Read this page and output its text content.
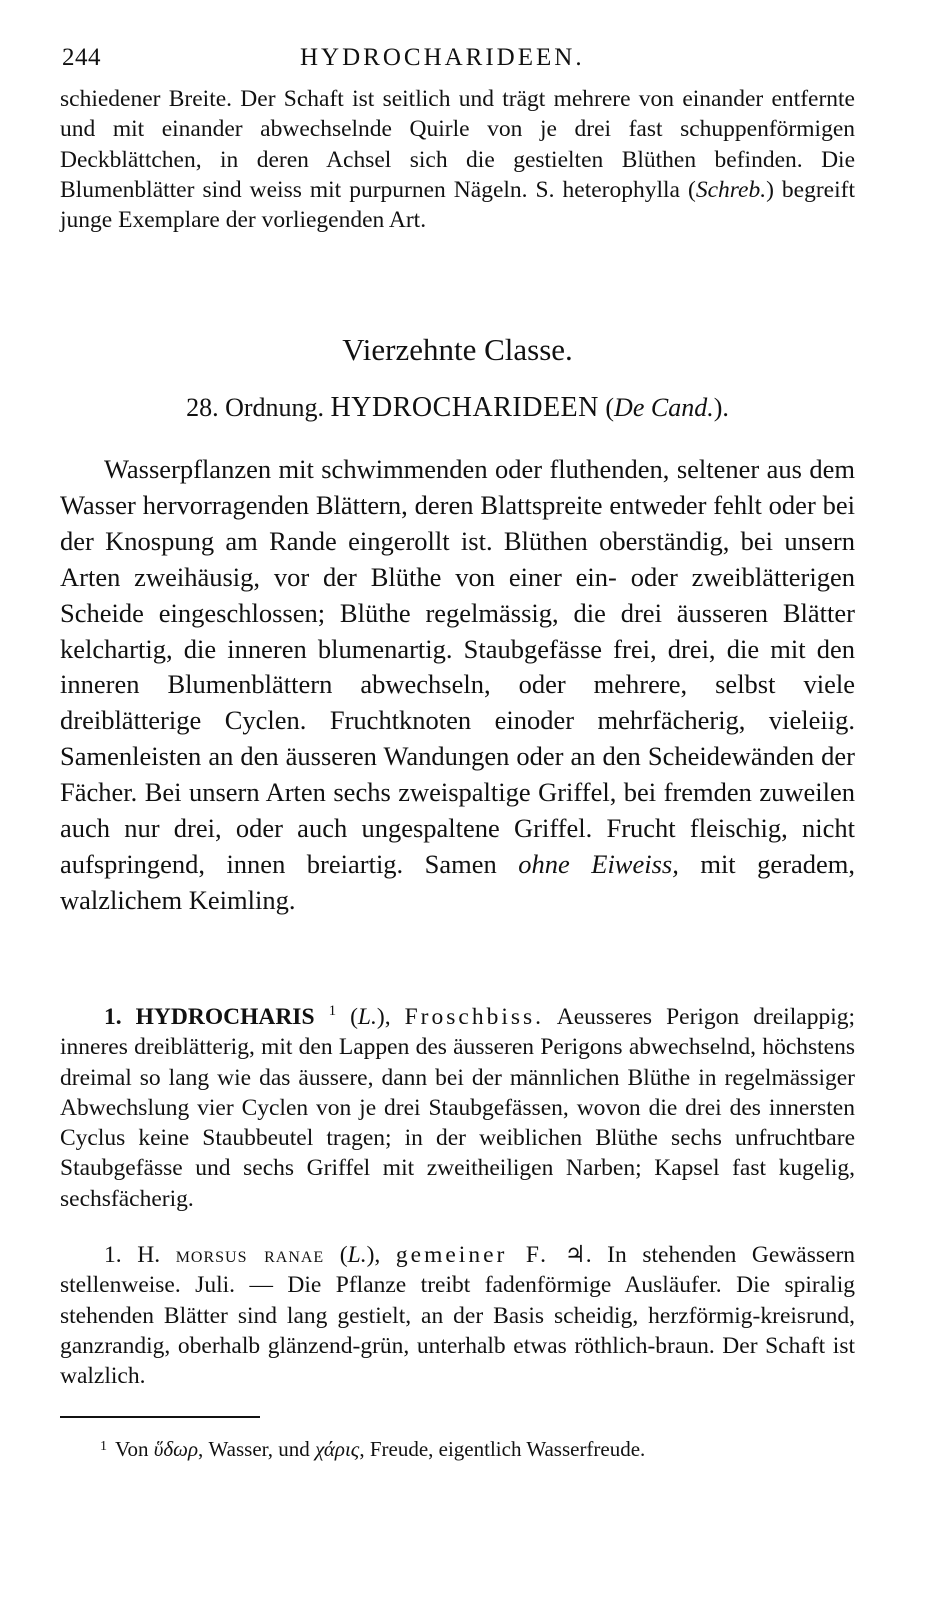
244	HYDROCHARIDEEN.

schiedener Breite. Der Schaft ist seitlich und trägt mehrere von einander entfernte und mit einander abwechselnde Quirle von je drei fast schuppenförmigen Deckblättchen, in deren Achsel sich die gestielten Blüthen befinden. Die Blumenblätter sind weiss mit purpurnen Nägeln. S. heterophylla (Schreb.) begreift junge Exemplare der vorliegenden Art.

Vierzehnte Classe.
28. Ordnung. HYDROCHARIDEEN (De Cand.).

Wasserpflanzen mit schwimmenden oder fluthenden, seltener aus dem Wasser hervorragenden Blättern, deren Blattspreite entweder fehlt oder bei der Knospung am Rande eingerollt ist. Blüthen oberständig, bei unsern Arten zweihäusig, vor der Blüthe von einer ein- oder zweiblätterigen Scheide eingeschlossen; Blüthe regelmässig, die drei äusseren Blätter kelchartig, die inneren blumenartig. Staubgefässe frei, drei, die mit den inneren Blumenblättern abwechseln, oder mehrere, selbst viele dreiblätterige Cyclen. Fruchtknoten einoder mehrfächerig, vieleiig. Samenleisten an den äusseren Wandungen oder an den Scheidewänden der Fächer. Bei unsern Arten sechs zweispaltige Griffel, bei fremden zuweilen auch nur drei, oder auch ungespaltene Griffel. Frucht fleischig, nicht aufspringend, innen breiartig. Samen ohne Eiweiss, mit geradem, walzlichem Keimling.

1. HYDROCHARIS $^1$ (L.), Froschbiss. Aeusseres Perigon dreilappig; inneres dreiblätterig, mit den Lappen des äusseren Perigons abwechselnd, höchstens dreimal so lang wie das äussere, dann bei der männlichen Blüthe in regelmässiger Abwechslung vier Cyclen von je drei Staubgefässen, wovon die drei des innersten Cyclus keine Staubbeutel tragen; in der weiblichen Blüthe sechs unfruchtbare Staubgefässe und sechs Griffel mit zweitheiligen Narben; Kapsel fast kugelig, sechsfächerig.

1. H. morsus ranae (L.), gemeiner F. ♃. In stehenden Gewässern stellenweise. Juli. — Die Pflanze treibt fadenförmige Ausläufer. Die spiralig stehenden Blätter sind lang gestielt, an der Basis scheidig, herzförmig-kreisrund, ganzrandig, oberhalb glänzend-grün, unterhalb etwas röthlich-braun. Der Schaft ist walzlich.

$^1$ Von ὕδωρ, Wasser, und χάρις, Freude, eigentlich Wasserfreude.
